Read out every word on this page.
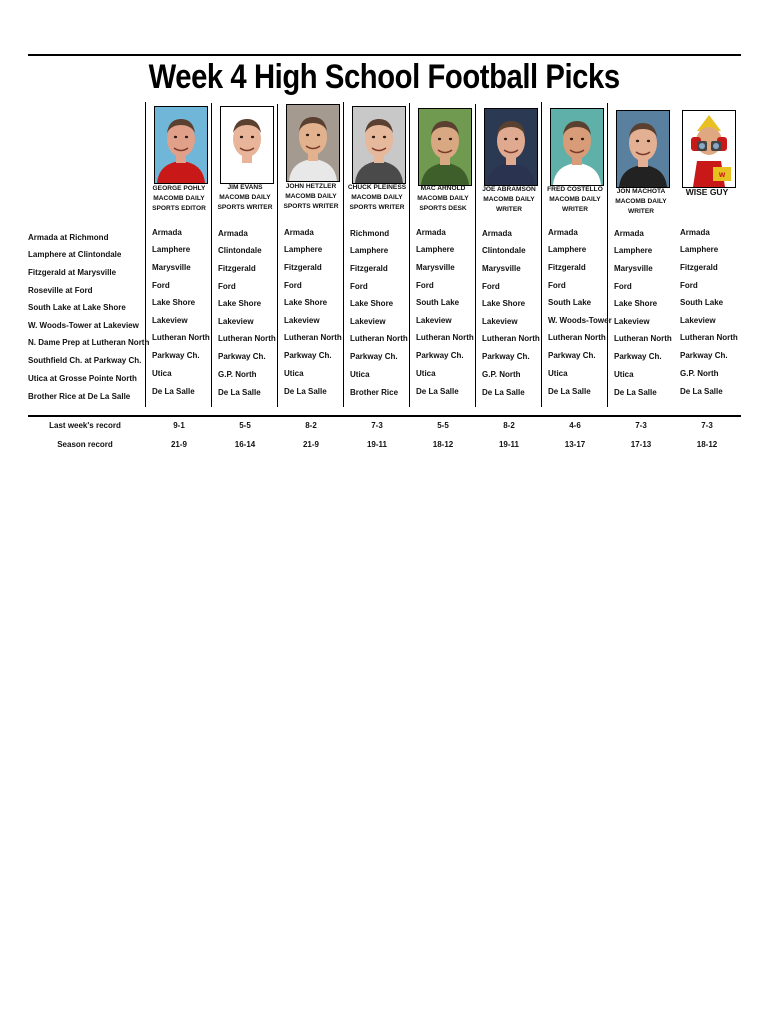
Week 4 High School Football Picks
Armada at Richmond
Lamphere at Clintondale
Fitzgerald at Marysville
Roseville at Ford
South Lake at Lake Shore
W. Woods-Tower at Lakeview
N. Dame Prep at Lutheran North
Southfield Ch. at Parkway Ch.
Utica at Grosse Pointe North
Brother Rice at De La Salle
GEORGE POHLY
MACOMB DAILY
SPORTS EDITOR
Armada
Lamphere
Marysville
Ford
Lake Shore
Lakeview
Lutheran North
Parkway Ch.
Utica
De La Salle
9-1
21-9
JIM EVANS
MACOMB DAILY
SPORTS WRITER
Armada
Clintondale
Fitzgerald
Ford
Lake Shore
Lakeview
Lutheran North
Parkway Ch.
G.P. North
De La Salle
5-5
16-14
JOHN HETZLER
MACOMB DAILY
SPORTS WRITER
Armada
Lamphere
Fitzgerald
Ford
Lake Shore
Lakeview
Lutheran North
Parkway Ch.
Utica
De La Salle
8-2
21-9
CHUCK PLEINESS
MACOMB DAILY
SPORTS WRITER
Richmond
Lamphere
Fitzgerald
Ford
Lake Shore
Lakeview
Lutheran North
Parkway Ch.
Utica
Brother Rice
7-3
19-11
MAC ARNOLD
MACOMB DAILY
SPORTS DESK
Armada
Lamphere
Marysville
Ford
South Lake
Lakeview
Lutheran North
Parkway Ch.
Utica
De La Salle
5-5
18-12
JOE ABRAMSON
MACOMB DAILY
WRITER
Armada
Clintondale
Marysville
Ford
Lake Shore
Lakeview
Lutheran North
Parkway Ch.
G.P. North
De La Salle
8-2
19-11
FRED COSTELLO
MACOMB DAILY
WRITER
Armada
Lamphere
Fitzgerald
Ford
South Lake
W. Woods-Tower
Lutheran North
Parkway Ch.
Utica
De La Salle
4-6
13-17
JON MACHOTA
MACOMB DAILY
WRITER
Armada
Lamphere
Marysville
Ford
Lake Shore
Lakeview
Lutheran North
Parkway Ch.
Utica
De La Salle
7-3
17-13
W
WISE GUY
Armada
Lamphere
Fitzgerald
Ford
South Lake
Lakeview
Lutheran North
Parkway Ch.
G.P. North
De La Salle
7-3
18-12
Last week's record
Season record
